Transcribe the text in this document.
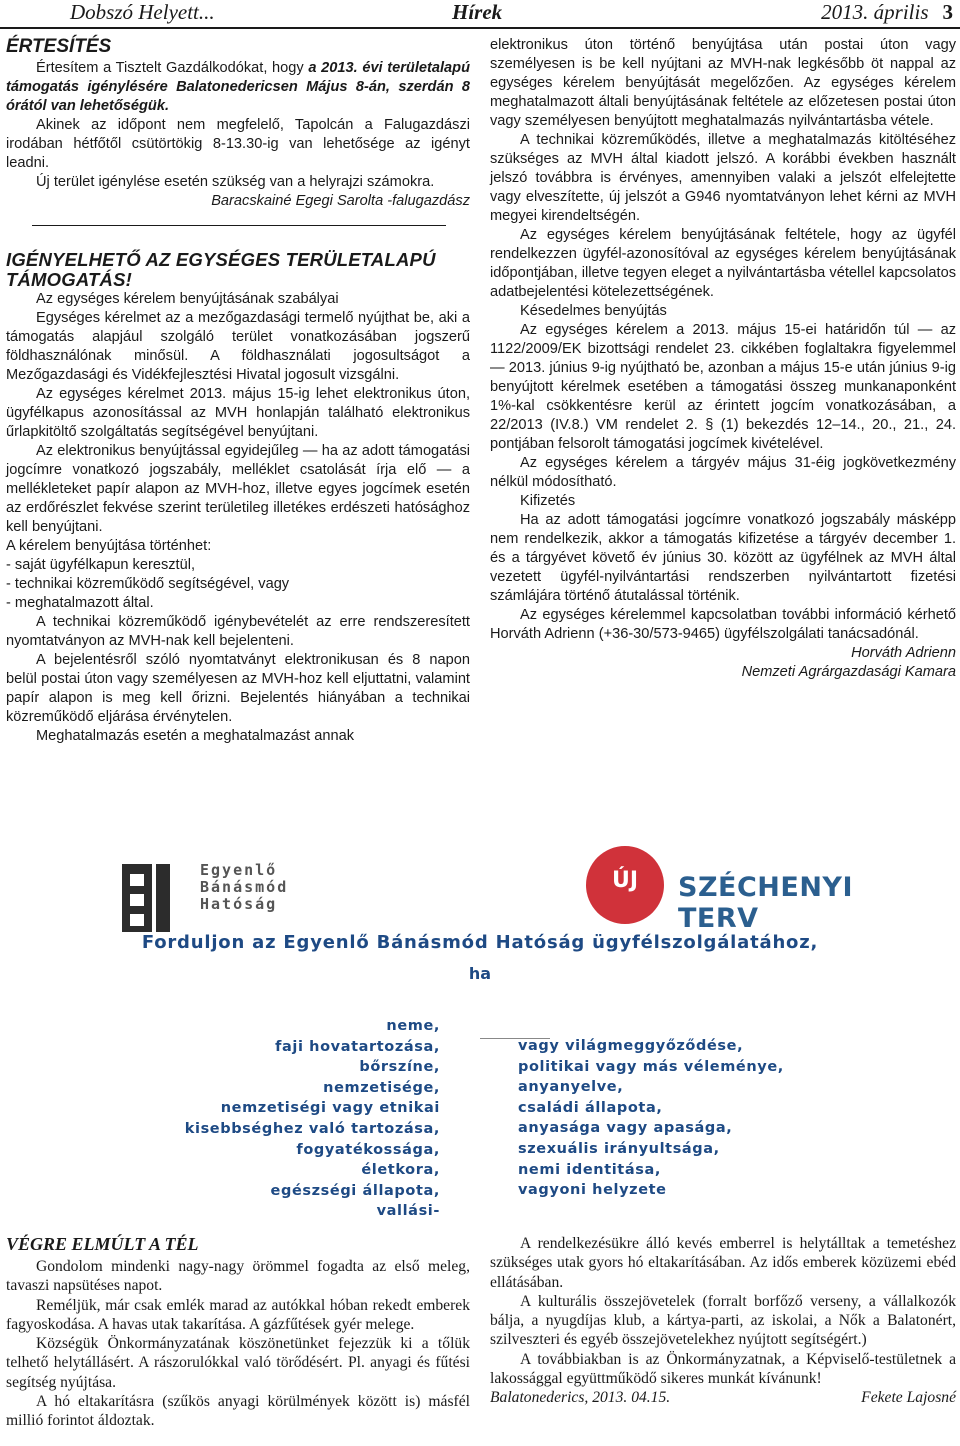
Dobszó Helyett...	Hírek	2013. április 3
ÉRTESÍTÉS

Értesítem a Tisztelt Gazdálkodókat, hogy a 2013. évi területalapú támogatás igénylésére Balatonedericsen Május 8-án, szerdán 8 órától van lehetőségük.

Akinek az időpont nem megfelelő, Tapolcán a Falugazdászi irodában hétfőtől csütörtökig 8-13.30-ig van lehetősége az igényt leadni.

Új terület igénylése esetén szükség van a helyrajzi számokra.

Baracskainé Egegi Sarolta -falugazdász

IGÉNYELHETŐ AZ EGYSÉGES TERÜLETALAPÚ TÁMOGATÁS!

Az egységes kérelem benyújtásának szabályai

Egységes kérelmet az a mezőgazdasági termelő nyújthat be, aki a támogatás alapjául szolgáló terület vonatkozásában jogszerű földhasználónak minősül. A földhasználati jogosultságot a Mezőgazdasági és Vidékfejlesztési Hivatal jogosult vizsgálni.

Az egységes kérelmet 2013. május 15-ig lehet elektronikus úton, ügyfélkapus azonosítással az MVH honlapján található elektronikus űrlapkitöltő szolgáltatás segítségével benyújtani.

Az elektronikus benyújtással egyidejűleg — ha az adott támogatási jogcímre vonatkozó jogszabály, melléklet csatolását írja elő — a mellékleteket papír alapon az MVH-hoz, illetve egyes jogcímek esetén az erdőrészlet fekvése szerint területileg illetékes erdészeti hatósághoz kell benyújtani.

A kérelem benyújtása történhet:

- saját ügyfélkapun keresztül,

- technikai közreműködő segítségével, vagy

- meghatalmazott által.

A technikai közreműködő igénybevételét az erre rendszeresített nyomtatványon az MVH-nak kell bejelenteni.

A bejelentésről szóló nyomtatványt elektronikusan és 8 napon belül postai úton vagy személyesen az MVH-hoz kell eljuttatni, valamint papír alapon is meg kell őrizni. Bejelentés hiányában a technikai közreműködő eljárása érvénytelen.

Meghatalmazás esetén a meghatalmazást annak

elektronikus úton történő benyújtása után postai úton vagy személyesen is be kell nyújtani az MVH-nak legkésőbb öt nappal az egységes kérelem benyújtását megelőzően. Az egységes kérelem meghatalmazott általi benyújtásának feltétele az előzetesen postai úton vagy személyesen benyújtott meghatalmazás nyilvántartásba vétele.

A technikai közreműködés, illetve a meghatalmazás kitöltéséhez szükséges az MVH által kiadott jelszó. A korábbi években használt jelszó továbbra is érvényes, amennyiben valaki a jelszót elfelejtette vagy elveszítette, új jelszót a G946 nyomtatványon lehet kérni az MVH megyei kirendeltségén.

Az egységes kérelem benyújtásának feltétele, hogy az ügyfél rendelkezzen ügyfél-azonosítóval az egységes kérelem benyújtásának időpontjában, illetve tegyen eleget a nyilvántartásba vétellel kapcsolatos adatbejelentési kötelezettségének.

Késedelmes benyújtás

Az egységes kérelem a 2013. május 15-ei határidőn túl — az 1122/2009/EK bizottsági rendelet 23. cikkében foglaltakra figyelemmel — 2013. június 9-ig nyújtható be, azonban a május 15-e után június 9-ig benyújtott kérelmek esetében a támogatási összeg munkanaponként 1%-kal csökkentésre kerül az érintett jogcím vonatkozásában, a 22/2013 (IV.8.) VM rendelet 2. § (1) bekezdés 12–14., 20., 21., 24. pontjában felsorolt támogatási jogcímek kivételével.

Az egységes kérelem a tárgyév május 31-éig jogkövetkezmény nélkül módosítható.

Kifizetés

Ha az adott támogatási jogcímre vonatkozó jogszabály másképp nem rendelkezik, akkor a támogatás kifizetése a tárgyév december 1. és a tárgyévet követő év június 30. között az ügyfélnek az MVH által vezetett ügyfél-nyilvántartási rendszerben nyilvántartott fizetési számlájára történő átutalással történik.

Az egységes kérelemmel kapcsolatban további információ kérhető Horváth Adrienn (+36-30/573-9465) ügyfélszolgálati tanácsadónál.

Horváth Adrienn

Nemzeti Agrárgazdasági Kamara

Egyenlő
Bánásmód
Hatóság
ÚJ	SZÉCHENYI TERV
Forduljon az Egyenlő Bánásmód Hatóság ügyfélszolgálatához,
ha
neme,
faji hovatartozása,
bőrszíne,
nemzetisége,
nemzetiségi vagy etnikai
kisebbséghez való tartozása,
fogyatékossága,
életkora,
egészségi állapota,
vallási-
vagy világmeggyőződése,
politikai vagy más véleménye,
anyanyelve,
családi állapota,
anyasága vagy apasága,
szexuális irányultsága,
nemi identitása,
vagyoni helyzete
VÉGRE ELMÚLT A TÉL

Gondolom mindenki nagy-nagy örömmel fogadta az első meleg, tavaszi napsütéses napot.

Reméljük, már csak emlék marad az autókkal hóban rekedt emberek fagyoskodása. A havas utak takarítása. A gázfűtések gyér melege.

Községük Önkormányzatának köszönetünket fejezzük ki a tőlük telhető helytállásért. A rászorulókkal való törődésért. Pl. anyagi és fűtési segítség nyújtása.

A hó eltakarításra (szűkös anyagi körülmények között is) másfél millió forintot áldoztak.

A rendelkezésükre álló kevés emberrel is helytálltak a temetéshez szükséges utak gyors hó eltakarításában. Az idős emberek közüzemi ebéd ellátásában.

A kulturális összejövetelek (forralt borfőző verseny, a vállalkozók bálja, a nyugdíjas klub, a kártya-parti, az iskolai, a Nők a Balatonért, szilveszteri és egyéb összejövetelekhez nyújtott segítségért.)

A továbbiakban is az Önkormányzatnak, a Képviselő-testületnek a lakossággal együttműködő sikeres munkát kívánunk!

Balatonederics, 2013. 04.15.	Fekete Lajosné
